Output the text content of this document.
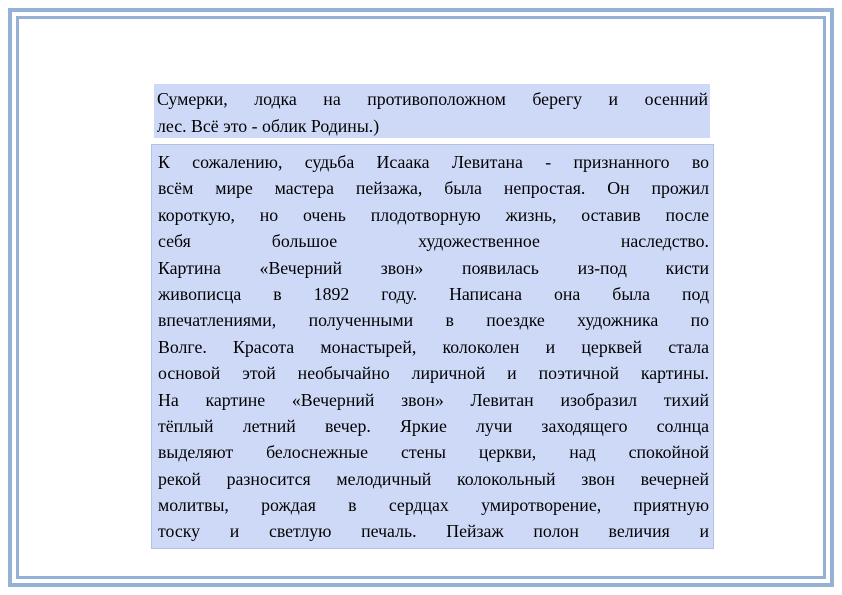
Сумерки, лодка на противоположном берегу и осенний
лес. Всё это - облик Родины.)
К сожалению, судьба Исаака Левитана - признанного во
всём мире мастера пейзажа, была непростая. Он прожил
короткую, но очень плодотворную жизнь, оставив после
себя большое художественное наследство.
Картина «Вечерний звон» появилась из-под кисти
живописца в 1892 году. Написана она была под
впечатлениями, полученными в поездке художника по
Волге. Красота монастырей, колоколен и церквей стала
основой этой необычайно лиричной и поэтичной картины.
На картине «Вечерний звон» Левитан изобразил тихий
тёплый летний вечер. Яркие лучи заходящего солнца
выделяют белоснежные стены церкви, над спокойной
рекой разносится мелодичный колокольный звон вечерней
молитвы, рождая в сердцах умиротворение, приятную
тоску и светлую печаль. Пейзаж полон величия и
